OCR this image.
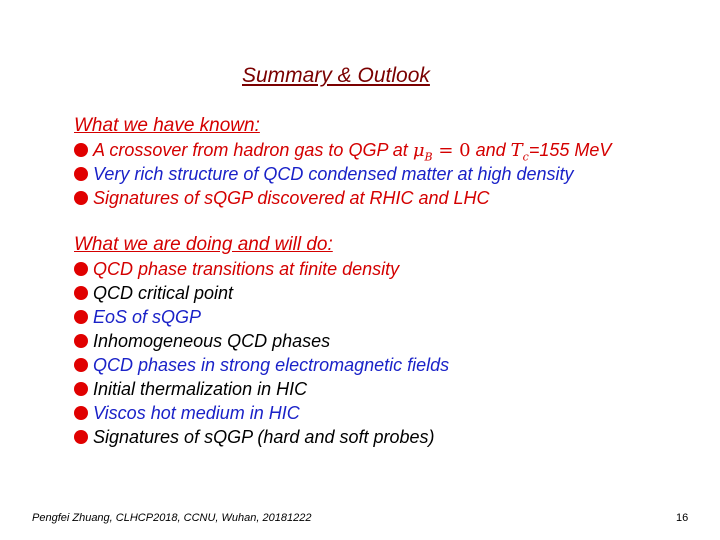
Summary & Outlook
What we have known:
A crossover from hadron gas to QGP at $\mu_B = 0$ and $T_c=155$ MeV
Very rich structure of QCD condensed matter at high density
Signatures of sQGP discovered at RHIC and LHC
What we are doing and will do:
QCD phase transitions at finite density
QCD critical point
EoS of sQGP
Inhomogeneous QCD phases
QCD phases in strong electromagnetic fields
Initial thermalization in HIC
Viscos hot medium in HIC
Signatures of sQGP (hard and soft probes)
Pengfei Zhuang, CLHCP2018, CCNU, Wuhan, 20181222	16
